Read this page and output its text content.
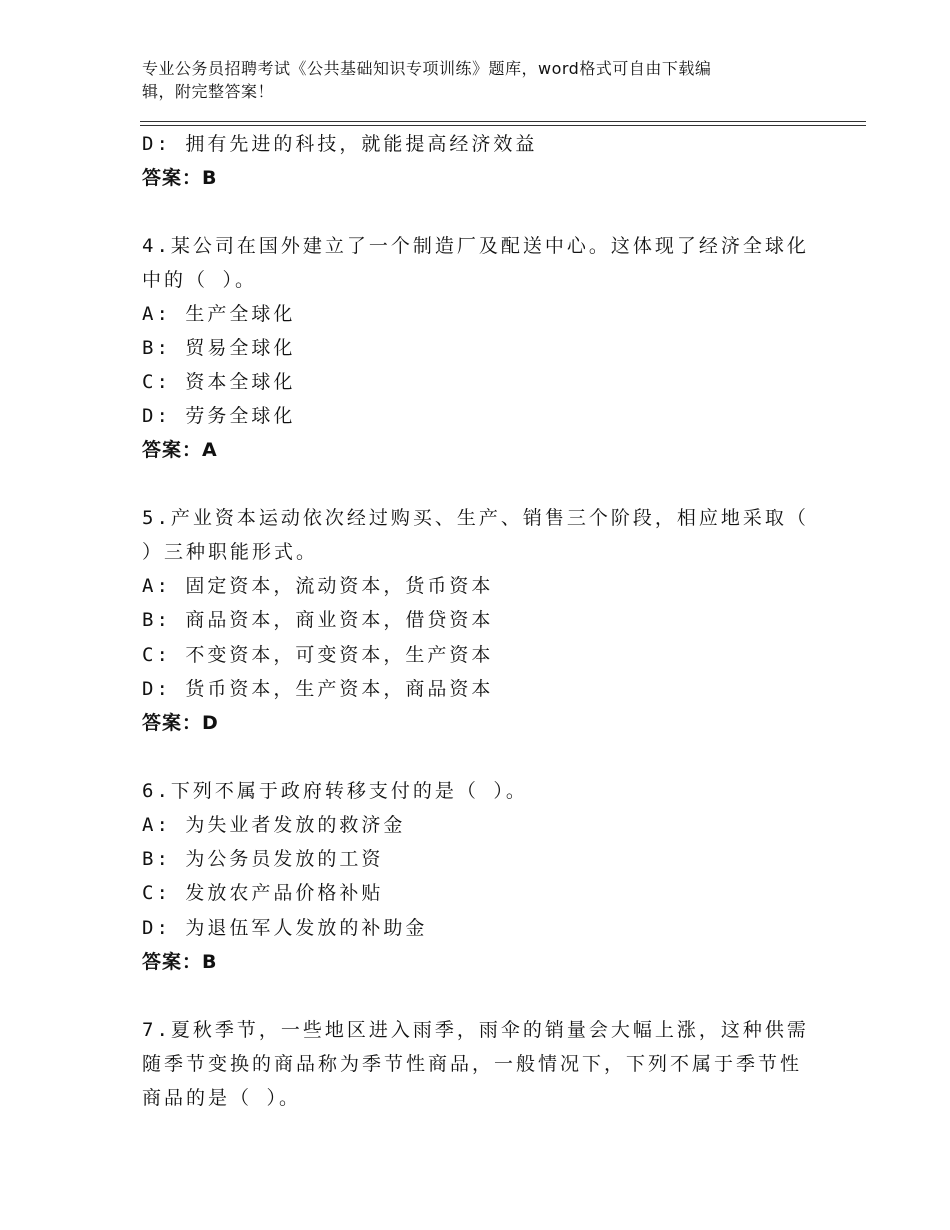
专业公务员招聘考试《公共基础知识专项训练》题库，word格式可自由下载编
辑，附完整答案！
D: 拥有先进的科技，就能提高经济效益
答案：B
4.某公司在国外建立了一个制造厂及配送中心。这体现了经济全球化
中的（ ）。
A: 生产全球化
B: 贸易全球化
C: 资本全球化
D: 劳务全球化
答案：A
5.产业资本运动依次经过购买、生产、销售三个阶段，相应地采取（
）三种职能形式。
A: 固定资本，流动资本，货币资本
B: 商品资本，商业资本，借贷资本
C: 不变资本，可变资本，生产资本
D: 货币资本，生产资本，商品资本
答案：D
6.下列不属于政府转移支付的是（ ）。
A: 为失业者发放的救济金
B: 为公务员发放的工资
C: 发放农产品价格补贴
D: 为退伍军人发放的补助金
答案：B
7.夏秋季节，一些地区进入雨季，雨伞的销量会大幅上涨，这种供需
随季节变换的商品称为季节性商品，一般情况下，下列不属于季节性
商品的是（ ）。
